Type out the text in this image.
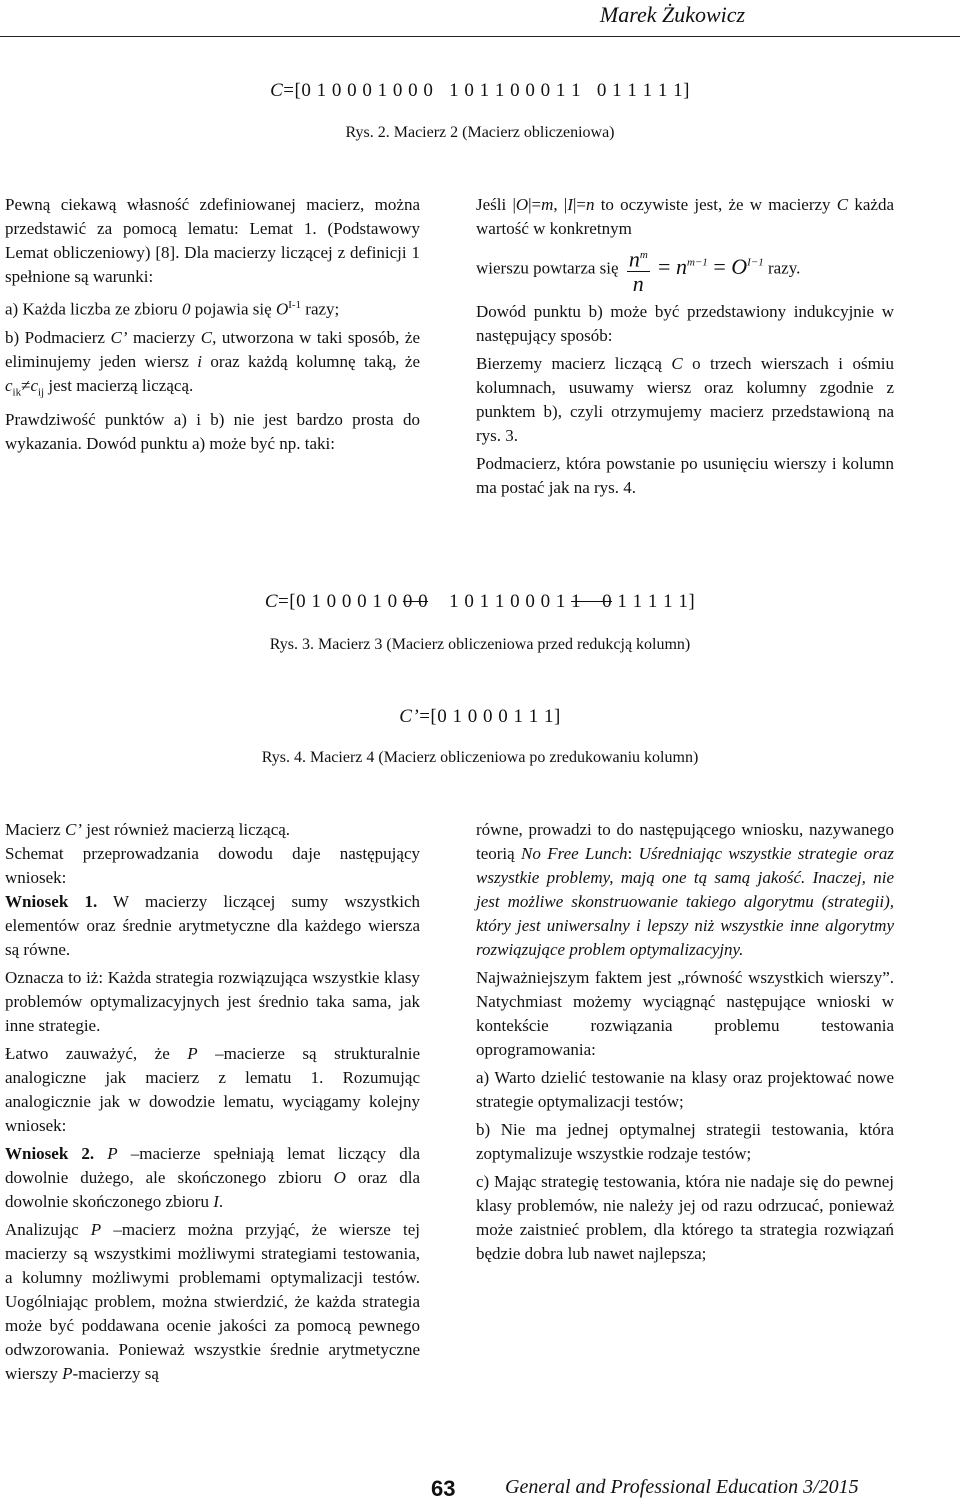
Marek Żukowicz
C=[0 1 0 0 0 1 0 0 0   1 0 1 1 0 0 0 1 1   0 1 1 1 1 1]
Rys. 2. Macierz 2 (Macierz obliczeniowa)

Pewną ciekawą własność zdefiniowanej macierz, można przedstawić za pomocą lematu: Lemat 1. (Podstawowy Lemat obliczeniowy) [8]. Dla macierzy liczącej z definicji 1 spełnione są warunki:

a) Każda liczba ze zbioru 0 pojawia się $O^{I-1}$ razy;

b) Podmacierz C’ macierzy C, utworzona w taki sposób, że eliminujemy jeden wiersz i oraz każdą kolumnę taką, że $c_{ik}\ne c_{ij}$ jest macierzą liczącą.

Prawdziwość punktów a) i b) nie jest bardzo prosta do wykazania. Dowód punktu a) może być np. taki:

Jeśli |O|=m, |I|=n to oczywiste jest, że w macierzy C każda wartość w konkretnym

wierszu powtarza się $\frac{n^m}{n} = n^{m-1} = O^{I-1}$ razy.

Dowód punktu b) może być przedstawiony indukcyjnie w następujący sposób:

Bierzemy macierz liczącą C o trzech wierszach i ośmiu kolumnach, usuwamy wiersz oraz kolumny zgodnie z punktem b), czyli otrzymujemy macierz przedstawioną na rys. 3.

Podmacierz, która powstanie po usunięciu wierszy i kolumn ma postać jak na rys. 4.

C=[0 1 0 0 0 1 0 0 0    1 0 1 1 0 0 0 1 1    0 1 1 1 1 1]
Rys. 3. Macierz 3 (Macierz obliczeniowa przed redukcją kolumn)
C’=[0 1 0 0 0 1 1 1]
Rys. 4. Macierz 4 (Macierz obliczeniowa po zredukowaniu kolumn)

Macierz C’ jest również macierzą liczącą.

Schemat przeprowadzania dowodu daje następujący wniosek:

Wniosek 1. W macierzy liczącej sumy wszystkich elementów oraz średnie arytmetyczne dla każdego wiersza są równe.

Oznacza to iż: Każda strategia rozwiązująca wszystkie klasy problemów optymalizacyjnych jest średnio taka sama, jak inne strategie.

Łatwo zauważyć, że P –macierze są strukturalnie analogiczne jak macierz z lematu 1. Rozumując analogicznie jak w dowodzie lematu, wyciągamy kolejny wniosek:

Wniosek 2. P –macierze spełniają lemat liczący dla dowolnie dużego, ale skończonego zbioru O oraz dla dowolnie skończonego zbioru I.

Analizując P –macierz można przyjąć, że wiersze tej macierzy są wszystkimi możliwymi strategiami testowania, a kolumny możliwymi problemami optymalizacji testów. Uogólniając problem, można stwierdzić, że każda strategia może być poddawana ocenie jakości za pomocą pewnego odwzorowania. Ponieważ wszystkie średnie arytmetyczne wierszy P-macierzy są

równe, prowadzi to do następującego wniosku, nazywanego teorią No Free Lunch: Uśredniając wszystkie strategie oraz wszystkie problemy, mają one tą samą jakość. Inaczej, nie jest możliwe skonstruowanie takiego algorytmu (strategii), który jest uniwersalny i lepszy niż wszystkie inne algorytmy rozwiązujące problem optymalizacyjny.

Najważniejszym faktem jest „równość wszystkich wierszy”. Natychmiast możemy wyciągnąć następujące wnioski w kontekście rozwiązania problemu testowania oprogramowania:

a) Warto dzielić testowanie na klasy oraz projektować nowe strategie optymalizacji testów;

b) Nie ma jednej optymalnej strategii testowania, która zoptymalizuje wszystkie rodzaje testów;

c) Mając strategię testowania, która nie nadaje się do pewnej klasy problemów, nie należy jej od razu odrzucać, ponieważ może zaistnieć problem, dla którego ta strategia rozwiązań będzie dobra lub nawet najlepsza;

63 General and Professional Education 3/2015
